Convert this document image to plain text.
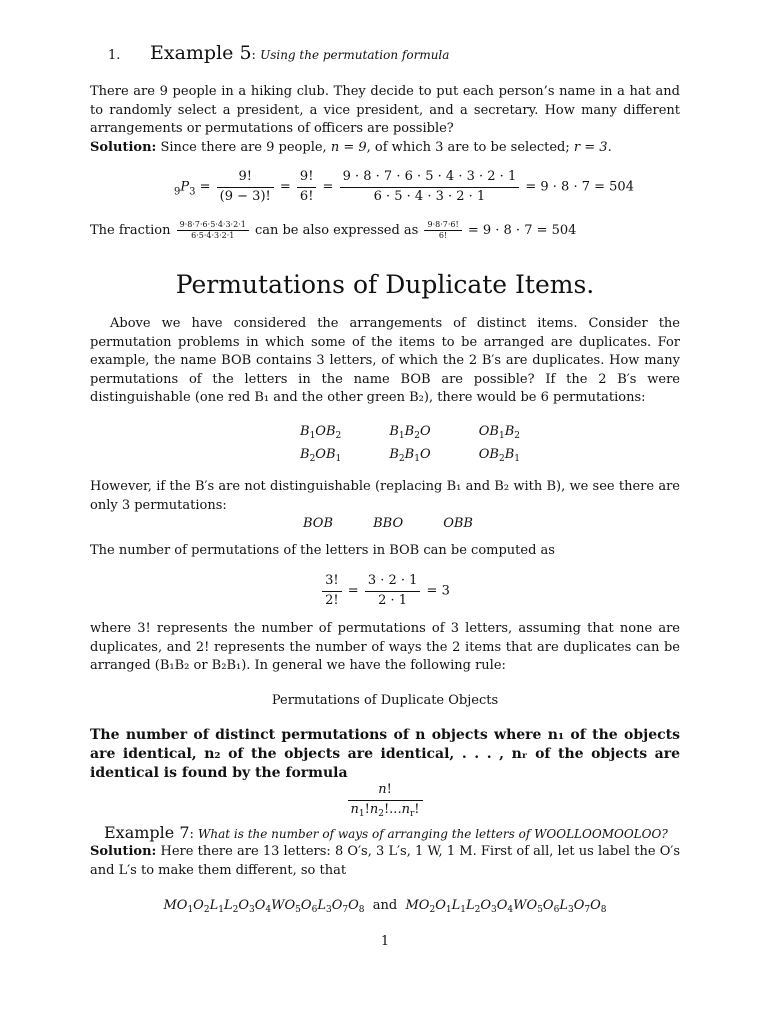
1. Example 5: Using the permutation formula
There are 9 people in a hiking club. They decide to put each person’s name in a hat and to randomly select a president, a vice president, and a secretary. How many different arrangements or permutations of officers are possible?
Solution: Since there are 9 people, n = 9, of which 3 are to be selected; r = 3.
$_9P_3 = \frac{9!}{(9 - 3)!} = \frac{9!}{6!} = \frac{9 \cdot 8 \cdot 7 \cdot 6 \cdot 5 \cdot 4 \cdot 3 \cdot 2 \cdot 1}{6 \cdot 5 \cdot 4 \cdot 3 \cdot 2 \cdot 1} = 9 \cdot 8 \cdot 7 = 504$
The fraction $\frac{9\cdot 8\cdot 7\cdot 6\cdot 5\cdot 4\cdot 3\cdot 2\cdot 1}{6\cdot 5\cdot 4\cdot 3\cdot 2\cdot 1}$ can be also expressed as $\frac{9\cdot 8\cdot 7\cdot 6!}{6!} = 9 \cdot 8 \cdot 7 = 504$
Permutations of Duplicate Items.
Above we have considered the arrangements of distinct items. Consider the permutation problems in which some of the items to be arranged are duplicates. For example, the name BOB contains 3 letters, of which the 2 B′s are duplicates. How many permutations of the letters in the name BOB are possible? If the 2 B′s were distinguishable (one red B₁ and the other green B₂), there would be 6 permutations:
$B_1OB_2$	$B_1B_2O$	$OB_1B_2$
$B_2OB_1$	$B_2B_1O$	$OB_2B_1$
However, if the B′s are not distinguishable (replacing B₁ and B₂ with B), we see there are only 3 permutations:
BOB	BBO	OBB
The number of permutations of the letters in BOB can be computed as
$\frac{3!}{2!} = \frac{3 \cdot 2 \cdot 1}{2 \cdot 1} = 3$
where 3! represents the number of permutations of 3 letters, assuming that none are duplicates, and 2! represents the number of ways the 2 items that are duplicates can be arranged (B₁B₂ or B₂B₁). In general we have the following rule:
Permutations of Duplicate Objects
The number of distinct permutations of n objects where n₁ of the objects are identical, n₂ of the objects are identical, . . . , nᵣ of the objects are identical is found by the formula
$\frac{n!}{n_1!n_2!...n_r!}$
Example 7: What is the number of ways of arranging the letters of WOOLLOOMOOLOO?
Solution: Here there are 13 letters: 8 O′s, 3 L′s, 1 W, 1 M. First of all, let us label the O′s and L′s to make them different, so that
$MO_1O_2L_1L_2O_3O_4WO_5O_6L_3O_7O_8$ and $MO_2O_1L_1L_2O_3O_4WO_5O_6L_3O_7O_8$
1
